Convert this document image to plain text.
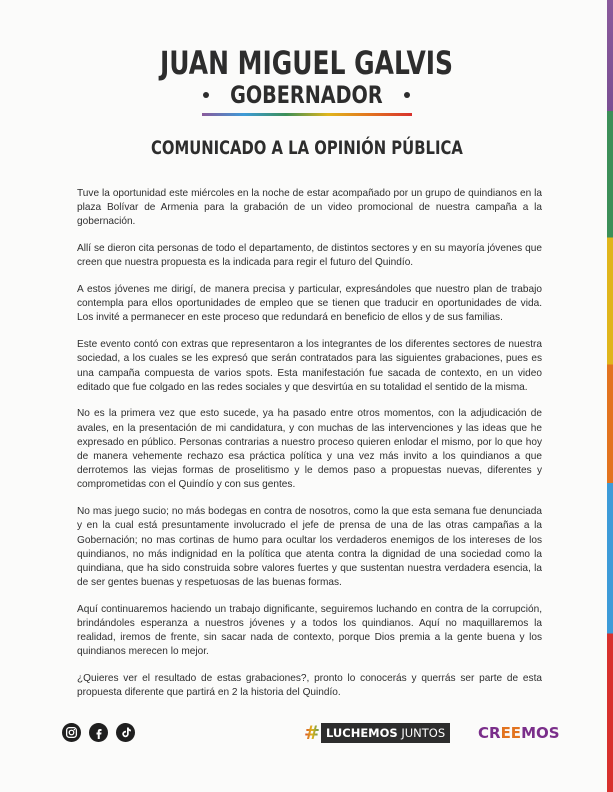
JUAN MIGUEL GALVIS
GOBERNADOR
COMUNICADO A LA OPINIÓN PÚBLICA

Tuve la oportunidad este miércoles en la noche de estar acompañado por un grupo de quindianos en la plaza Bolívar de Armenia para la grabación de un video promocional de nuestra campaña a la gobernación.

Allí se dieron cita personas de todo el departamento, de distintos sectores y en su mayoría jóvenes que creen que nuestra propuesta es la indicada para regir el futuro del Quindío.

A estos jóvenes me dirigí, de manera precisa y particular, expresándoles que nuestro plan de trabajo contempla para ellos oportunidades de empleo que se tienen que traducir en oportunidades de vida. Los invité a permanecer en este proceso que redundará en beneficio de ellos y de sus familias.

Este evento contó con extras que representaron a los integrantes de los diferentes sectores de nuestra sociedad, a los cuales se les expresó que serán contratados para las siguientes grabaciones, pues es una campaña compuesta de varios spots. Esta manifestación fue sacada de contexto, en un video editado que fue colgado en las redes sociales y que desvirtúa en su totalidad el sentido de la misma.

No es la primera vez que esto sucede, ya ha pasado entre otros momentos, con la adjudicación de avales, en la presentación de mi candidatura, y con muchas de las intervenciones y las ideas que he expresado en público. Personas contrarias a nuestro proceso quieren enlodar el mismo, por lo que hoy de manera vehemente rechazo esa práctica política y una vez más invito a los quindianos a que derrotemos las viejas formas de proselitismo y le demos paso a propuestas nuevas, diferentes y comprometidas con el Quindío y con sus gentes.

No mas juego sucio; no más bodegas en contra de nosotros, como la que esta semana fue denunciada y en la cual está presuntamente involucrado el jefe de prensa de una de las otras campañas a la Gobernación; no mas cortinas de humo para ocultar los verdaderos enemigos de los intereses de los quindianos, no más indignidad en la política que atenta contra la dignidad de una sociedad como la quindiana, que ha sido construida sobre valores fuertes y que sustentan nuestra verdadera esencia, la de ser gentes buenas y respetuosas de las buenas formas.

Aquí continuaremos haciendo un trabajo dignificante, seguiremos luchando en contra de la corrupción, brindándoles esperanza a nuestros jóvenes y a todos los quindianos. Aquí no maquillaremos la realidad, iremos de frente, sin sacar nada de contexto, porque Dios premia a la gente buena y los quindianos merecen lo mejor.

¿Quieres ver el resultado de estas grabaciones?, pronto lo conocerás y querrás ser parte de esta propuesta diferente que partirá en 2 la historia del Quindío.

# LUCHEMOS JUNTOS	CREEMOS
